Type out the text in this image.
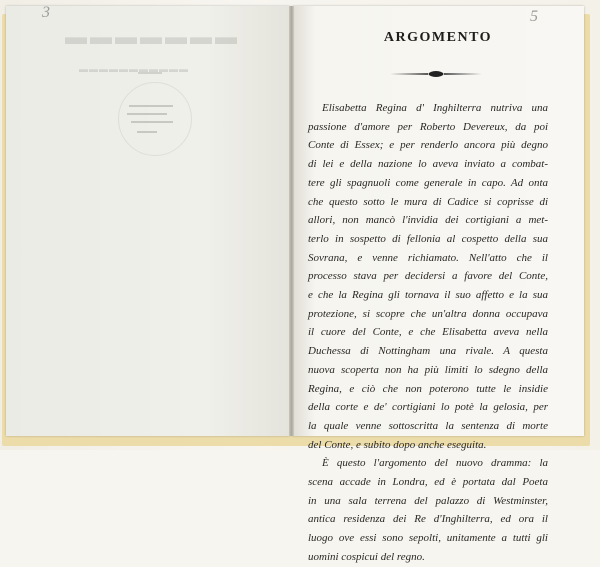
▬▬▬▬▬▬▬
▬▬▬▬▬▬▬▬▬▬▬
3	5
ARGOMENTO
Elisabetta Regina d' Inghilterra nutriva una
passione d'amore per Roberto Devereux, da poi
Conte di Essex; e per renderlo ancora più degno
di lei e della nazione lo aveva inviato a combat-
tere gli spagnuoli come generale in capo. Ad onta
che questo sotto le mura di Cadice si coprisse di
allori, non mancò l'invidia dei cortigiani a met-
terlo in sospetto di fellonia al cospetto della sua
Sovrana, e venne richiamato. Nell'atto che il
processo stava per decidersi a favore del Conte,
e che la Regina gli tornava il suo affetto e la sua
protezione, si scopre che un'altra donna occupava
il cuore del Conte, e che Elisabetta aveva nella
Duchessa di Nottingham una rivale. A questa
nuova scoperta non ha più limiti lo sdegno della
Regina, e ciò che non poterono tutte le insidie
della corte e de' cortigiani lo potè la gelosia, per
la quale venne sottoscritta la sentenza di morte
del Conte, e subito dopo anche eseguita.
È questo l'argomento del nuovo dramma: la
scena accade in Londra, ed è portata dal Poeta
in una sala terrena del palazzo di Westminster,
antica residenza dei Re d'Inghilterra, ed ora il
luogo ove essi sono sepolti, unitamente a tutti gli
uomini cospicui del regno.
